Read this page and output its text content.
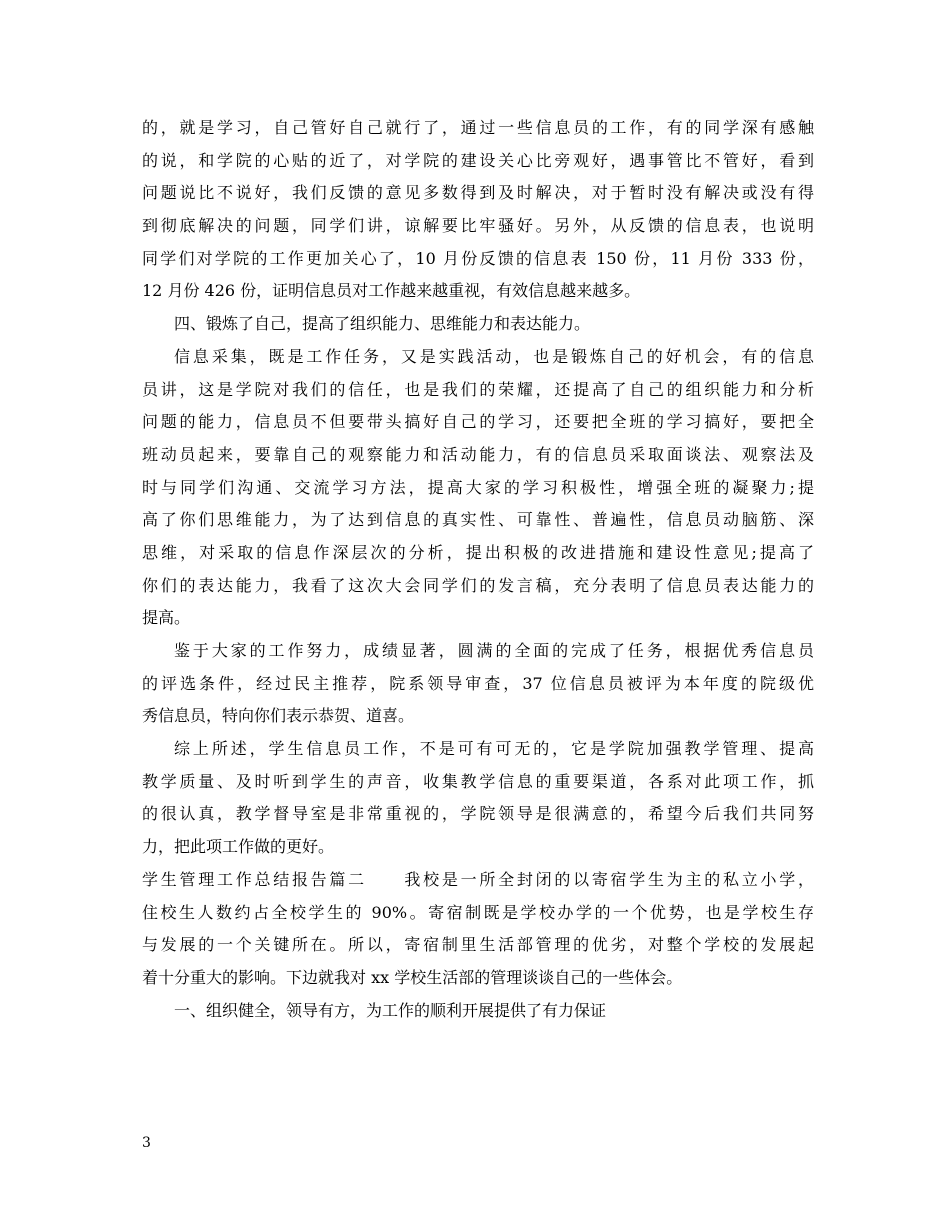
的，就是学习，自己管好自己就行了，通过一些信息员的工作，有的同学深有感触
的说，和学院的心贴的近了，对学院的建设关心比旁观好，遇事管比不管好，看到
问题说比不说好，我们反馈的意见多数得到及时解决，对于暂时没有解决或没有得
到彻底解决的问题，同学们讲，谅解要比牢骚好。另外，从反馈的信息表，也说明
同学们对学院的工作更加关心了，10 月份反馈的信息表 150 份，11 月份 333 份，
12 月份 426 份，证明信息员对工作越来越重视，有效信息越来越多。
四、锻炼了自己，提高了组织能力、思维能力和表达能力。
信息采集，既是工作任务，又是实践活动，也是锻炼自己的好机会，有的信息
员讲，这是学院对我们的信任，也是我们的荣耀，还提高了自己的组织能力和分析
问题的能力，信息员不但要带头搞好自己的学习，还要把全班的学习搞好，要把全
班动员起来，要靠自己的观察能力和活动能力，有的信息员采取面谈法、观察法及
时与同学们沟通、交流学习方法，提高大家的学习积极性，增强全班的凝聚力;提
高了你们思维能力，为了达到信息的真实性、可靠性、普遍性，信息员动脑筋、深
思维，对采取的信息作深层次的分析，提出积极的改进措施和建设性意见;提高了
你们的表达能力，我看了这次大会同学们的发言稿，充分表明了信息员表达能力的
提高。
鉴于大家的工作努力，成绩显著，圆满的全面的完成了任务，根据优秀信息员
的评选条件，经过民主推荐，院系领导审查，37 位信息员被评为本年度的院级优
秀信息员，特向你们表示恭贺、道喜。
综上所述，学生信息员工作，不是可有可无的，它是学院加强教学管理、提高
教学质量、及时听到学生的声音，收集教学信息的重要渠道，各系对此项工作，抓
的很认真，教学督导室是非常重视的，学院领导是很满意的，希望今后我们共同努
力，把此项工作做的更好。
学生管理工作总结报告篇二　　我校是一所全封闭的以寄宿学生为主的私立小学，
住校生人数约占全校学生的 90%。寄宿制既是学校办学的一个优势，也是学校生存
与发展的一个关键所在。所以，寄宿制里生活部管理的优劣，对整个学校的发展起
着十分重大的影响。下边就我对 xx 学校生活部的管理谈谈自己的一些体会。
一、组织健全，领导有方，为工作的顺利开展提供了有力保证
3
